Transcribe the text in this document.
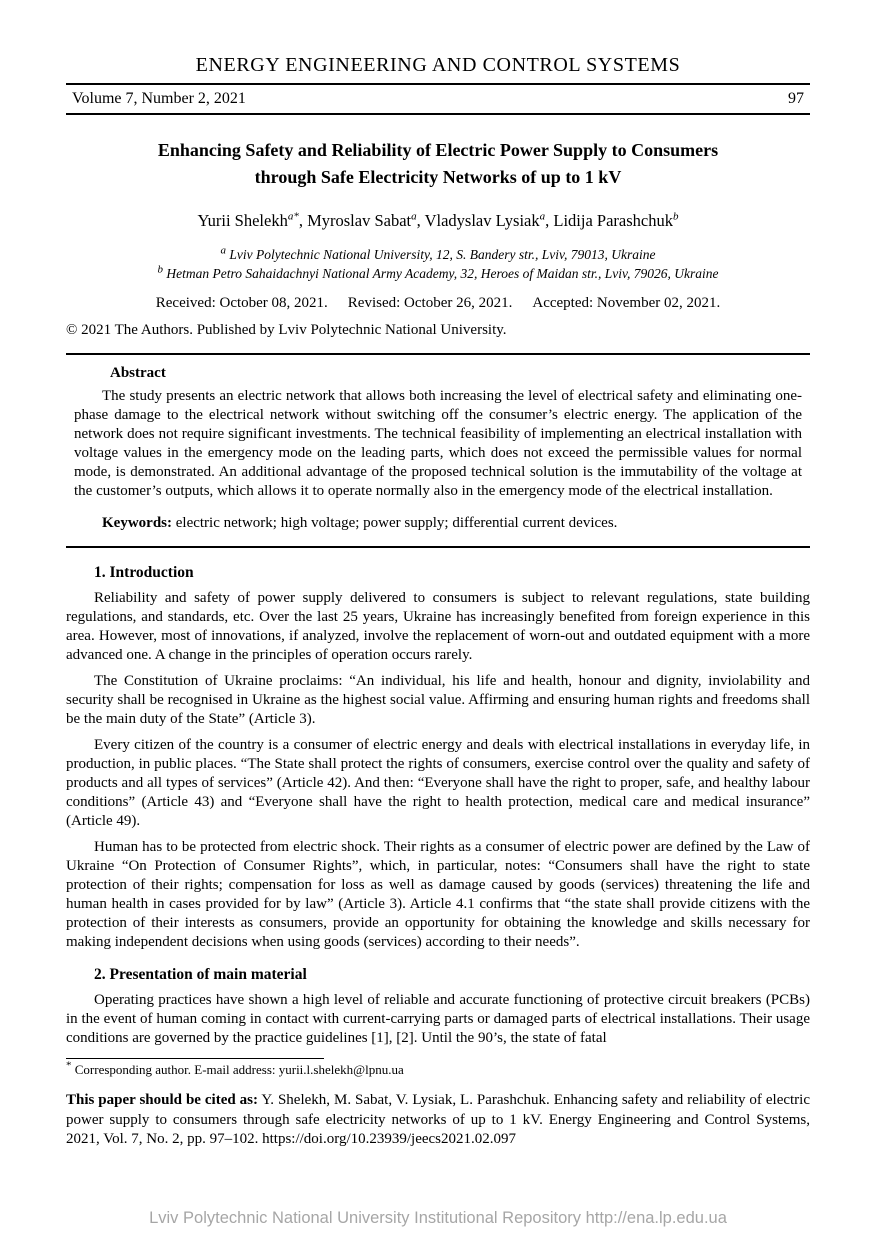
ENERGY ENGINEERING AND CONTROL SYSTEMS
Volume 7, Number 2, 2021	97
Enhancing Safety and Reliability of Electric Power Supply to Consumers
through Safe Electricity Networks of up to 1 kV
Yurii Shelekh$^{a*}$, Myroslav Sabat$^a$, Vladyslav Lysiak$^a$, Lidija Parashchuk$^b$
$^a$ Lviv Polytechnic National University, 12, S. Bandery str., Lviv, 79013, Ukraine
$^b$ Hetman Petro Sahaidachnyi National Army Academy, 32, Heroes of Maidan str., Lviv, 79026, Ukraine
Received: October 08, 2021. Revised: October 26, 2021. Accepted: November 02, 2021.
© 2021 The Authors. Published by Lviv Polytechnic National University.
Abstract

The study presents an electric network that allows both increasing the level of electrical safety and eliminating one-phase damage to the electrical network without switching off the consumer’s electric energy. The application of the network does not require significant investments. The technical feasibility of implementing an electrical installation with voltage values in the emergency mode on the leading parts, which does not exceed the permissible values for normal mode, is demonstrated. An additional advantage of the proposed technical solution is the immutability of the voltage at the customer’s outputs, which allows it to operate normally also in the emergency mode of the electrical installation.

Keywords: electric network; high voltage; power supply; differential current devices.

1. Introduction

Reliability and safety of power supply delivered to consumers is subject to relevant regulations, state building regulations, and standards, etc. Over the last 25 years, Ukraine has increasingly benefited from foreign experience in this area. However, most of innovations, if analyzed, involve the replacement of worn-out and outdated equipment with a more advanced one. A change in the principles of operation occurs rarely.

The Constitution of Ukraine proclaims: “An individual, his life and health, honour and dignity, inviolability and security shall be recognised in Ukraine as the highest social value. Affirming and ensuring human rights and freedoms shall be the main duty of the State” (Article 3).

Every citizen of the country is a consumer of electric energy and deals with electrical installations in everyday life, in production, in public places. “The State shall protect the rights of consumers, exercise control over the quality and safety of products and all types of services” (Article 42). And then: “Everyone shall have the right to proper, safe, and healthy labour conditions” (Article 43) and “Everyone shall have the right to health protection, medical care and medical insurance” (Article 49).

Human has to be protected from electric shock. Their rights as a consumer of electric power are defined by the Law of Ukraine “On Protection of Consumer Rights”, which, in particular, notes: “Consumers shall have the right to state protection of their rights; compensation for loss as well as damage caused by goods (services) threatening the life and human health in cases provided for by law” (Article 3). Article 4.1 confirms that “the state shall provide citizens with the protection of their interests as consumers, provide an opportunity for obtaining the knowledge and skills necessary for making independent decisions when using goods (services) according to their needs”.

2. Presentation of main material

Operating practices have shown a high level of reliable and accurate functioning of protective circuit breakers (PCBs) in the event of human coming in contact with current-carrying parts or damaged parts of electrical installations. Their usage conditions are governed by the practice guidelines [1], [2]. Until the 90’s, the state of fatal

* Corresponding author. E-mail address: yurii.l.shelekh@lpnu.ua

This paper should be cited as: Y. Shelekh, M. Sabat, V. Lysiak, L. Parashchuk. Enhancing safety and reliability of electric power supply to consumers through safe electricity networks of up to 1 kV. Energy Engineering and Control Systems, 2021, Vol. 7, No. 2, pp. 97–102. https://doi.org/10.23939/jeecs2021.02.097

Lviv Polytechnic National University Institutional Repository http://ena.lp.edu.ua
